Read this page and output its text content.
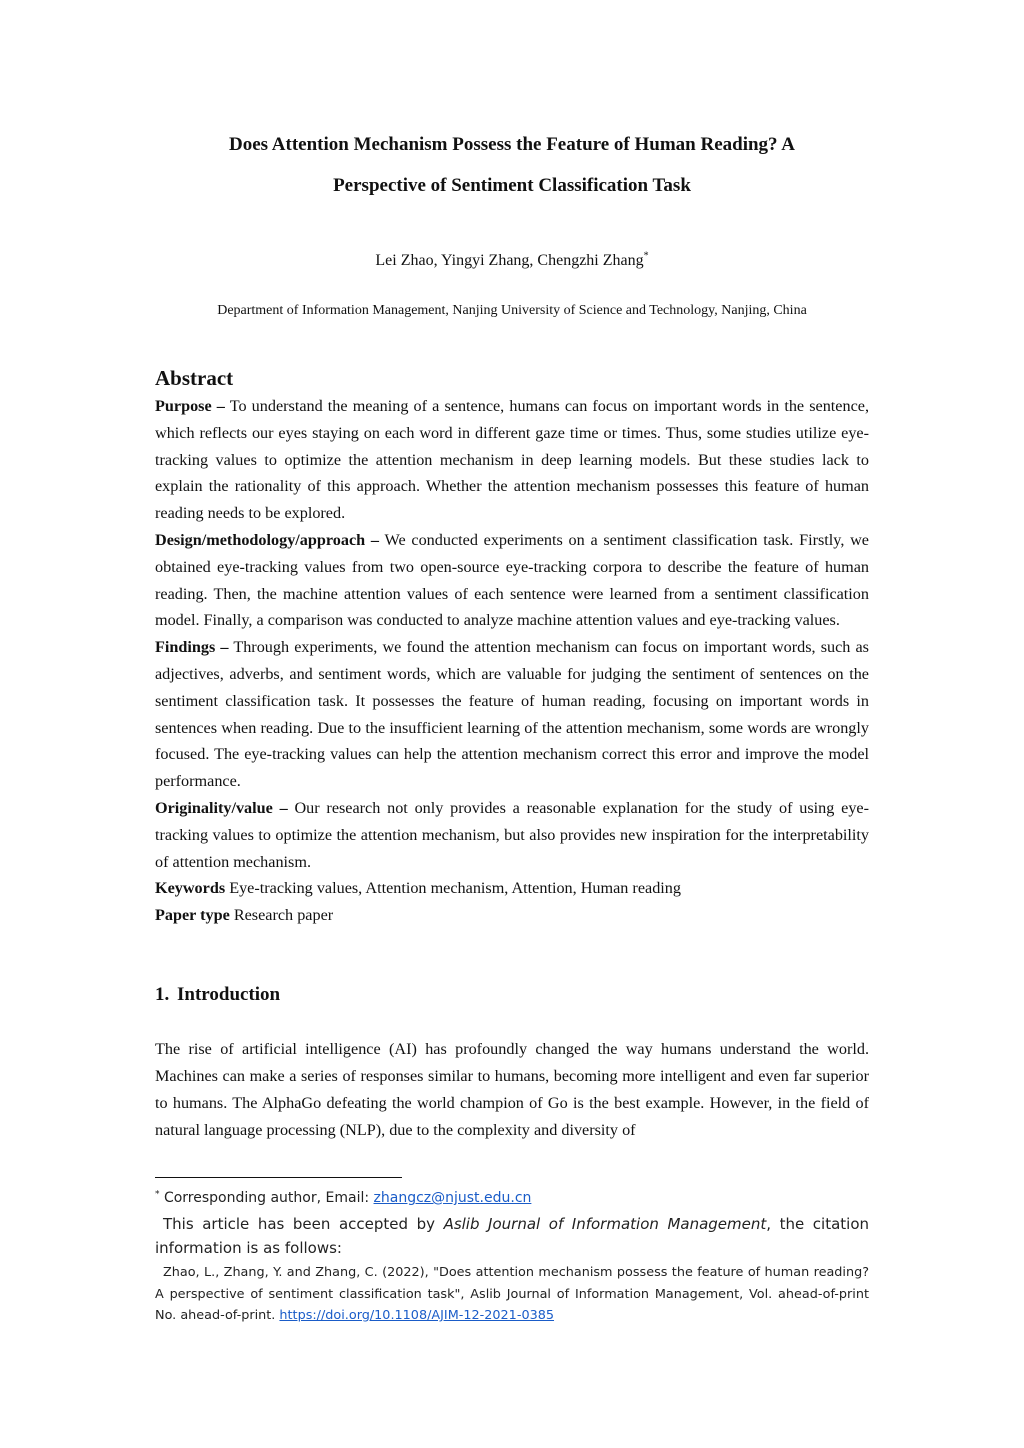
Does Attention Mechanism Possess the Feature of Human Reading? A
Perspective of Sentiment Classification Task

Lei Zhao, Yingyi Zhang, Chengzhi Zhang*

Department of Information Management, Nanjing University of Science and Technology, Nanjing, China

Abstract

Purpose – To understand the meaning of a sentence, humans can focus on important words in the sentence, which reflects our eyes staying on each word in different gaze time or times. Thus, some studies utilize eye-tracking values to optimize the attention mechanism in deep learning models. But these studies lack to explain the rationality of this approach. Whether the attention mechanism possesses this feature of human reading needs to be explored.

Design/methodology/approach – We conducted experiments on a sentiment classification task. Firstly, we obtained eye-tracking values from two open-source eye-tracking corpora to describe the feature of human reading. Then, the machine attention values of each sentence were learned from a sentiment classification model. Finally, a comparison was conducted to analyze machine attention values and eye-tracking values.

Findings – Through experiments, we found the attention mechanism can focus on important words, such as adjectives, adverbs, and sentiment words, which are valuable for judging the sentiment of sentences on the sentiment classification task. It possesses the feature of human reading, focusing on important words in sentences when reading. Due to the insufficient learning of the attention mechanism, some words are wrongly focused. The eye-tracking values can help the attention mechanism correct this error and improve the model performance.

Originality/value – Our research not only provides a reasonable explanation for the study of using eye-tracking values to optimize the attention mechanism, but also provides new inspiration for the interpretability of attention mechanism.

Keywords Eye-tracking values, Attention mechanism, Attention, Human reading

Paper type Research paper

1. Introduction

The rise of artificial intelligence (AI) has profoundly changed the way humans understand the world. Machines can make a series of responses similar to humans, becoming more intelligent and even far superior to humans. The AlphaGo defeating the world champion of Go is the best example. However, in the field of natural language processing (NLP), due to the complexity and diversity of

* Corresponding author, Email: zhangcz@njust.edu.cn

This article has been accepted by Aslib Journal of Information Management, the citation information is as follows:

Zhao, L., Zhang, Y. and Zhang, C. (2022), "Does attention mechanism possess the feature of human reading? A perspective of sentiment classification task", Aslib Journal of Information Management, Vol. ahead-of-print No. ahead-of-print. https://doi.org/10.1108/AJIM-12-2021-0385
